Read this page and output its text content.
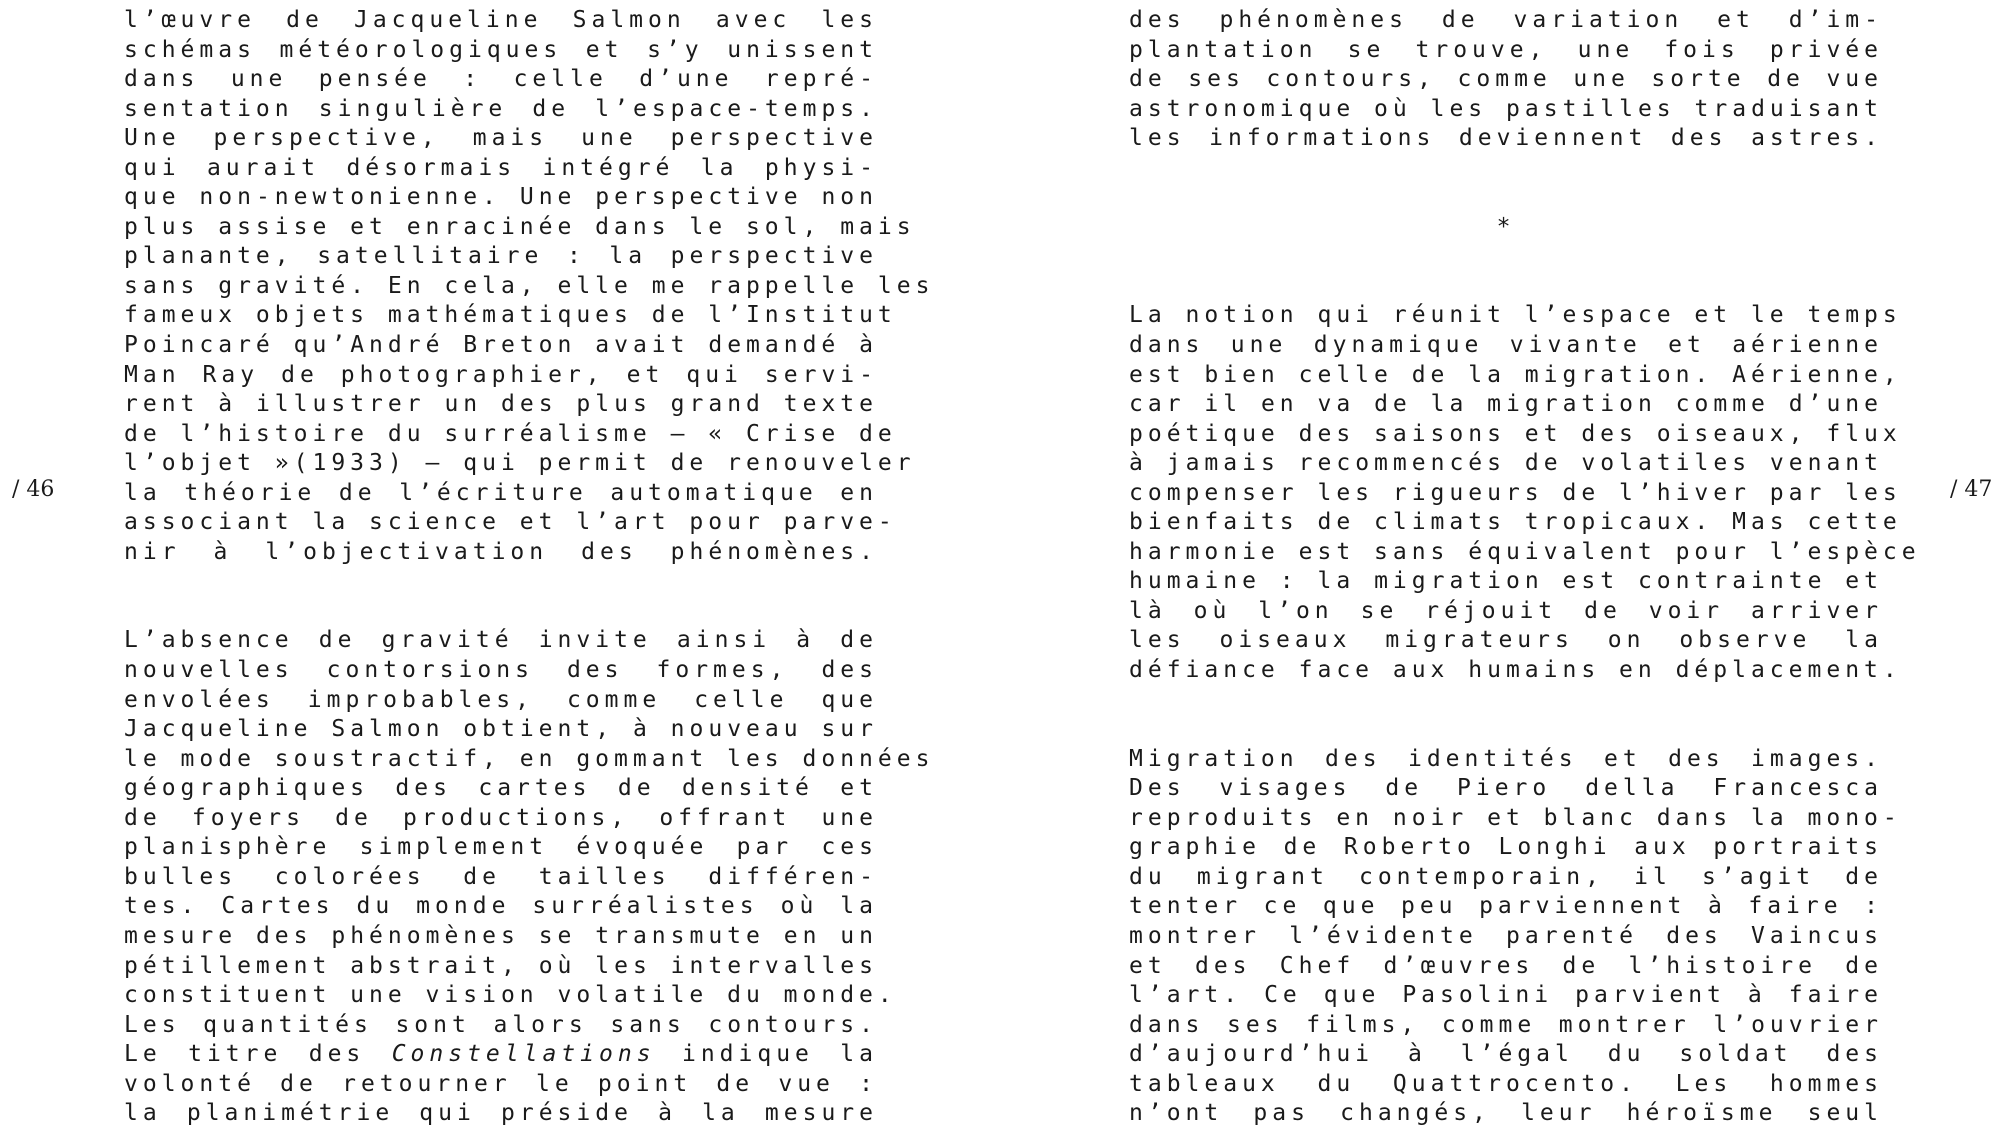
/ 46	/ 47
l’œuvre de Jacqueline Salmon avec les
schémas météorologiques et s’y unissent
dans une pensée : celle d’une repré-
sentation singulière de l’espace-temps.
Une perspective, mais une perspective
qui aurait désormais intégré la physi-
que non-newtonienne. Une perspective non
plus assise et enracinée dans le sol, mais
planante, satellitaire : la perspective
sans gravité. En cela, elle me rappelle les
fameux objets mathématiques de l’Institut
Poincaré qu’André Breton avait demandé à
Man Ray de photographier, et qui servi-
rent à illustrer un des plus grand texte
de l’histoire du surréalisme – « Crise de
l’objet »(1933) – qui permit de renouveler
la théorie de l’écriture automatique en
associant la science et l’art pour parve-
nir à l’objectivation des phénomènes.
L’absence de gravité invite ainsi à de
nouvelles contorsions des formes, des
envolées improbables, comme celle que
Jacqueline Salmon obtient, à nouveau sur
le mode soustractif, en gommant les données
géographiques des cartes de densité et
de foyers de productions, offrant une
planisphère simplement évoquée par ces
bulles colorées de tailles différen-
tes. Cartes du monde surréalistes où la
mesure des phénomènes se transmute en un
pétillement abstrait, où les intervalles
constituent une vision volatile du monde.
Les quantités sont alors sans contours.
Le titre des Constellations indique la
volonté de retourner le point de vue :
la planimétrie qui préside à la mesure
des phénomènes de variation et d’im-
plantation se trouve, une fois privée
de ses contours, comme une sorte de vue
astronomique où les pastilles traduisant
les informations deviennent des astres.
*
La notion qui réunit l’espace et le temps
dans une dynamique vivante et aérienne
est bien celle de la migration. Aérienne,
car il en va de la migration comme d’une
poétique des saisons et des oiseaux, flux
à jamais recommencés de volatiles venant
compenser les rigueurs de l’hiver par les
bienfaits de climats tropicaux. Mas cette
harmonie est sans équivalent pour l’espèce
humaine : la migration est contrainte et
là où l’on se réjouit de voir arriver
les oiseaux migrateurs on observe la
défiance face aux humains en déplacement.
Migration des identités et des images.
Des visages de Piero della Francesca
reproduits en noir et blanc dans la mono-
graphie de Roberto Longhi aux portraits
du migrant contemporain, il s’agit de
tenter ce que peu parviennent à faire :
montrer l’évidente parenté des Vaincus
et des Chef d’œuvres de l’histoire de
l’art. Ce que Pasolini parvient à faire
dans ses films, comme montrer l’ouvrier
d’aujourd’hui à l’égal du soldat des
tableaux du Quattrocento. Les hommes
n’ont pas changés, leur héroïsme seul
